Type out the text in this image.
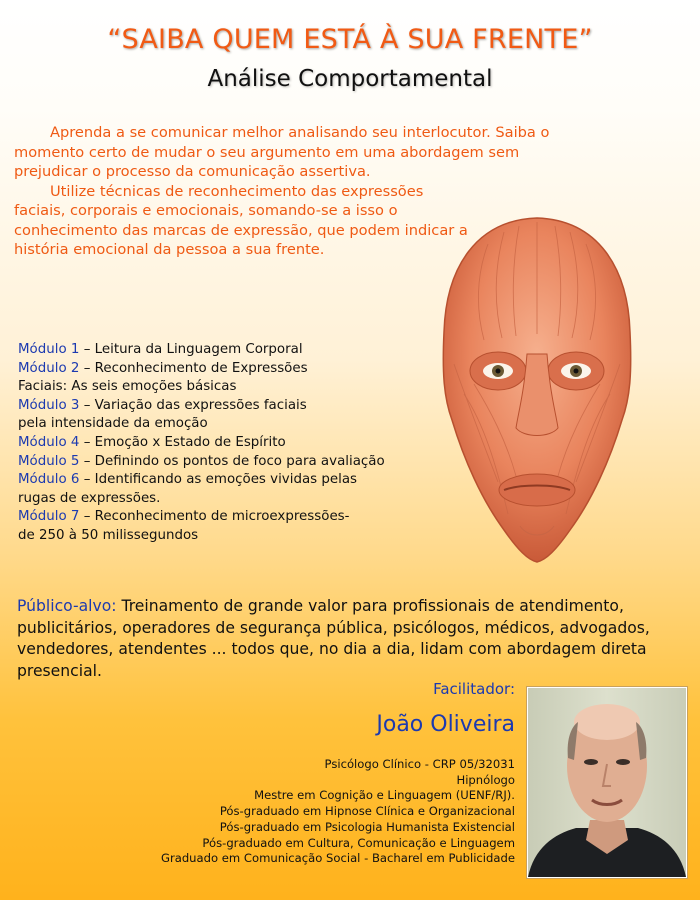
“SAIBA QUEM ESTÁ À SUA FRENTE”
Análise Comportamental

Aprenda a se comunicar melhor analisando seu interlocutor. Saiba o momento certo de mudar o seu argumento em uma abordagem sem prejudicar o processo da comunicação assertiva.

Utilize técnicas de reconhecimento das expressões faciais, corporais e emocionais, somando-se a isso o conhecimento das marcas de expressão, que podem indicar a história emocional da pessoa a sua frente.

Módulo 1 – Leitura da Linguagem Corporal
Módulo 2 – Reconhecimento de Expressões
Faciais: As seis emoções básicas
Módulo 3 – Variação das expressões faciais
pela intensidade da emoção
Módulo 4 – Emoção x Estado de Espírito
Módulo 5 – Definindo os pontos de foco para avaliação
Módulo 6 – Identificando as emoções vividas pelas
rugas de expressões.
Módulo 7 – Reconhecimento de microexpressões-
de 250 à 50 milissegundos
Público-alvo: Treinamento de grande valor para profissionais de atendimento, publicitários, operadores de segurança pública, psicólogos, médicos, advogados, vendedores, atendentes ... todos que, no dia a dia, lidam com abordagem direta presencial.
Facilitador:
João Oliveira
Psicólogo Clínico - CRP 05/32031
Hipnólogo
Mestre em Cognição e Linguagem (UENF/RJ).
Pós-graduado em Hipnose Clínica e Organizacional
Pós-graduado em Psicologia Humanista Existencial
Pós-graduado em Cultura, Comunicação e Linguagem
Graduado em Comunicação Social - Bacharel em Publicidade
